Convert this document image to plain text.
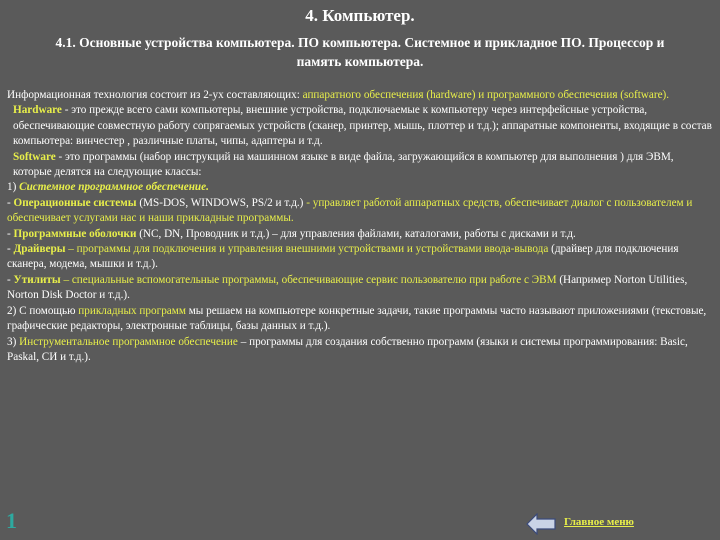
4. Компьютер.
4.1. Основные устройства компьютера. ПО компьютера. Системное и прикладное ПО. Процессор и память компьютера.

Информационная технология состоит из 2-ух составляющих: аппаратного обеспечения (hardware) и программного обеспечения (software).

Hardware - это прежде всего сами компьютеры, внешние устройства, подключаемые к компьютеру через интерфейсные устройства, обеспечивающие совместную работу сопрягаемых устройств (сканер, принтер, мышь, плоттер и т.д.); аппаратные компоненты, входящие в состав компьютера: винчестер , различные платы, чипы, адаптеры и т.д.

Software - это программы (набор инструкций на машинном языке в виде файла, загружающийся в компьютер для выполнения ) для ЭВМ, которые делятся на следующие классы:

1) Системное программное обеспечение.

- Операционные системы (MS-DOS, WINDOWS, PS/2 и т.д.) - управляет работой аппаратных средств, обеспечивает диалог с пользователем и обеспечивает услугами нас и наши прикладные программы.

- Программные оболочки (NC, DN, Проводник и т.д.) – для управления файлами, каталогами, работы с дисками и т.д.

- Драйверы – программы для подключения и управления внешними устройствами и устройствами ввода-вывода (драйвер для подключения сканера, модема, мышки и т.д.).

- Утилиты – специальные вспомогательные программы, обеспечивающие сервис пользователю при работе с ЭВМ (Например Norton Utilities, Norton Disk Doctor и т.д.).

2) С помощью прикладных программ мы решаем на компьютере конкретные задачи, такие программы часто называют приложениями (текстовые, графические редакторы, электронные таблицы, базы данных и т.д.).

3) Инструментальное программное обеспечение – программы для создания собственно программ (языки и системы программирования: Basic, Paskal, СИ и т.д.).

1	Главное меню
